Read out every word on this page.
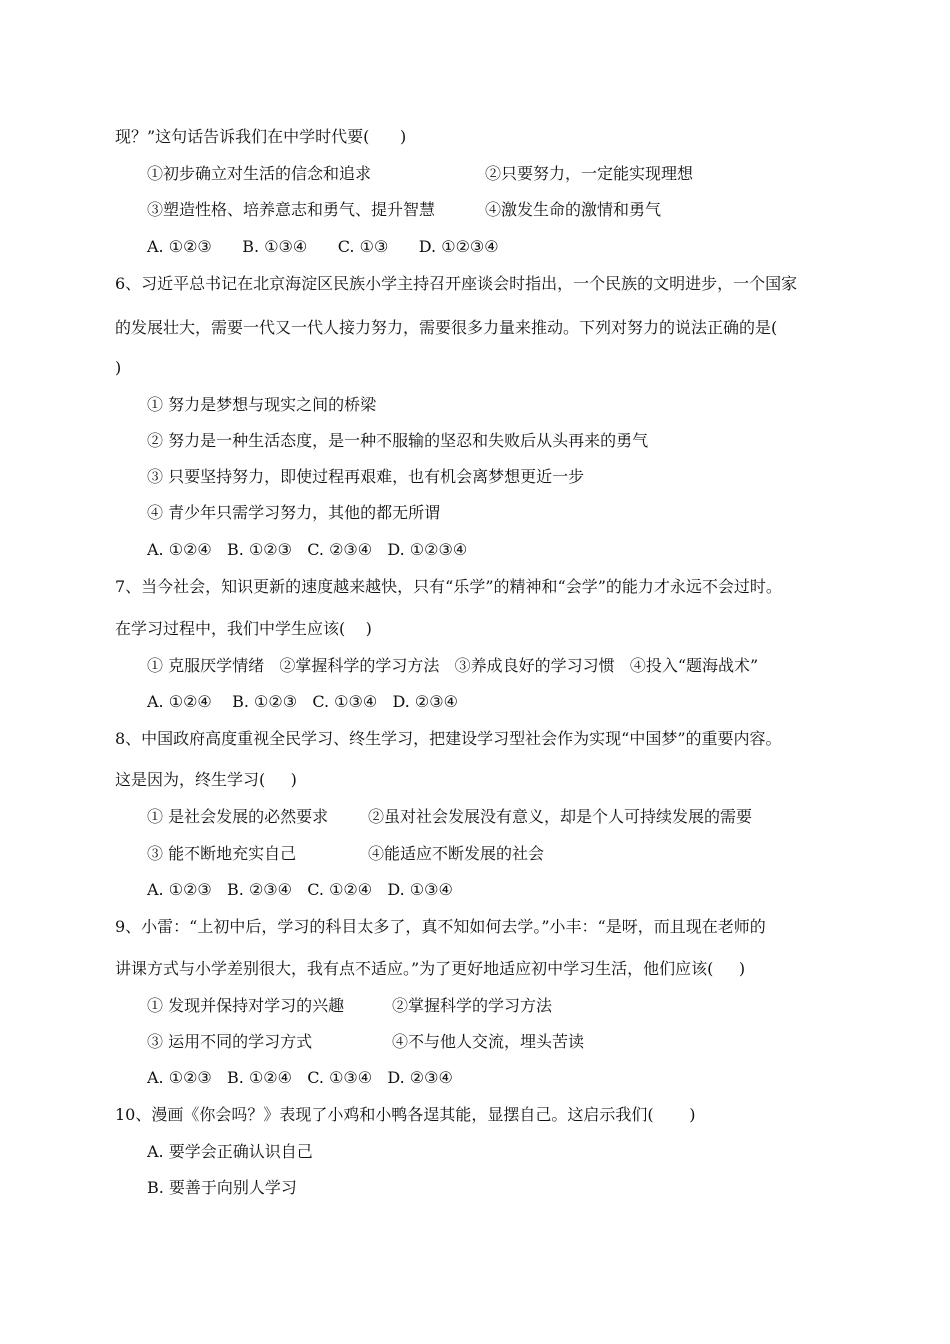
现？”这句话告诉我们在中学时代要(      )
①初步确立对生活的信念和追求	②只要努力，一定能实现理想
③塑造性格、培养意志和勇气、提升智慧	④激发生命的激情和勇气
A. ①②③      B. ①③④      C. ①③      D. ①②③④
6、习近平总书记在北京海淀区民族小学主持召开座谈会时指出，一个民族的文明进步，一个国家
的发展壮大，需要一代又一代人接力努力，需要很多力量来推动。下列对努力的说法正确的是(
)
① 努力是梦想与现实之间的桥梁
② 努力是一种生活态度，是一种不服输的坚忍和失败后从头再来的勇气
③ 只要坚持努力，即使过程再艰难，也有机会离梦想更近一步
④ 青少年只需学习努力，其他的都无所谓
A. ①②④   B. ①②③   C. ②③④   D. ①②③④
7、当今社会，知识更新的速度越来越快，只有“乐学”的精神和“会学”的能力才永远不会过时。
在学习过程中，我们中学生应该(    )
① 克服厌学情绪   ②掌握科学的学习方法   ③养成良好的学习习惯   ④投入“题海战术”
A. ①②④    B. ①②③   C. ①③④   D. ②③④
8、中国政府高度重视全民学习、终生学习，把建设学习型社会作为实现“中国梦”的重要内容。
这是因为，终生学习(     )
① 是社会发展的必然要求 ②虽对社会发展没有意义，却是个人可持续发展的需要
③ 能不断地充实自己	④能适应不断发展的社会
A. ①②③   B. ②③④   C. ①②④   D. ①③④
9、小雷：“上初中后，学习的科目太多了，真不知如何去学。”小丰：“是呀，而且现在老师的
讲课方式与小学差别很大，我有点不适应。”为了更好地适应初中学习生活，他们应该(     )
① 发现并保持对学习的兴趣	②掌握科学的学习方法
③ 运用不同的学习方式	④不与他人交流，埋头苦读
A. ①②③   B. ①②④   C. ①③④   D. ②③④
10、漫画《你会吗？》表现了小鸡和小鸭各逞其能，显摆自己。这启示我们(       )
A. 要学会正确认识自己
B. 要善于向别人学习
